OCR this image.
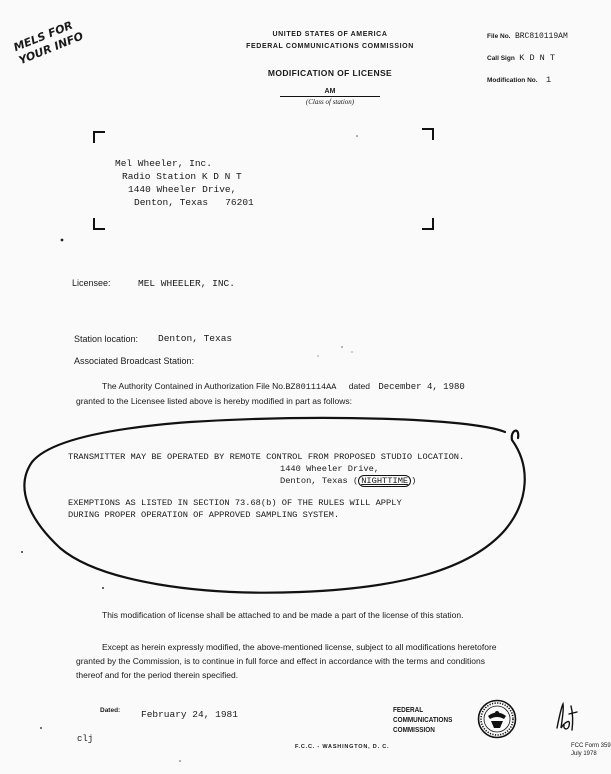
MELS FOR YOUR INFO	UNITED STATES OF AMERICA
FEDERAL COMMUNICATIONS COMMISSION
MODIFICATION OF LICENSE
AM
(Class of station)
File No. BRC810119AM
Call Sign K D N T
Modification No. 1
Mel Wheeler, Inc.
Radio Station K D N T
1440 Wheeler Drive,
Denton, Texas   76201
Licensee:	MEL WHEELER, INC.
Station location: Denton, Texas
Associated Broadcast Station:
The Authority Contained in Authorization File No.BZ801114AA dated December 4, 1980
granted to the Licensee listed above is hereby modified in part as follows:
TRANSMITTER MAY BE OPERATED BY REMOTE CONTROL FROM PROPOSED STUDIO LOCATION.
1440 Wheeler Drive,
Denton, Texas ( NIGHTTIME )
EXEMPTIONS AS LISTED IN SECTION 73.68(b) OF THE RULES WILL APPLY
DURING PROPER OPERATION OF APPROVED SAMPLING SYSTEM.
This modification of license shall be attached to and be made a part of the license of this station.
Except as herein expressly modified, the above-mentioned license, subject to all modifications heretofore
granted by the Commission, is to continue in full force and effect in accordance with the terms and conditions
thereof and for the period therein specified.
Dated: February 24, 1981
clj
FEDERAL
COMMUNICATIONS
COMMISSION
FCC Form 359
July 1978
F.C.C. - WASHINGTON, D. C.
